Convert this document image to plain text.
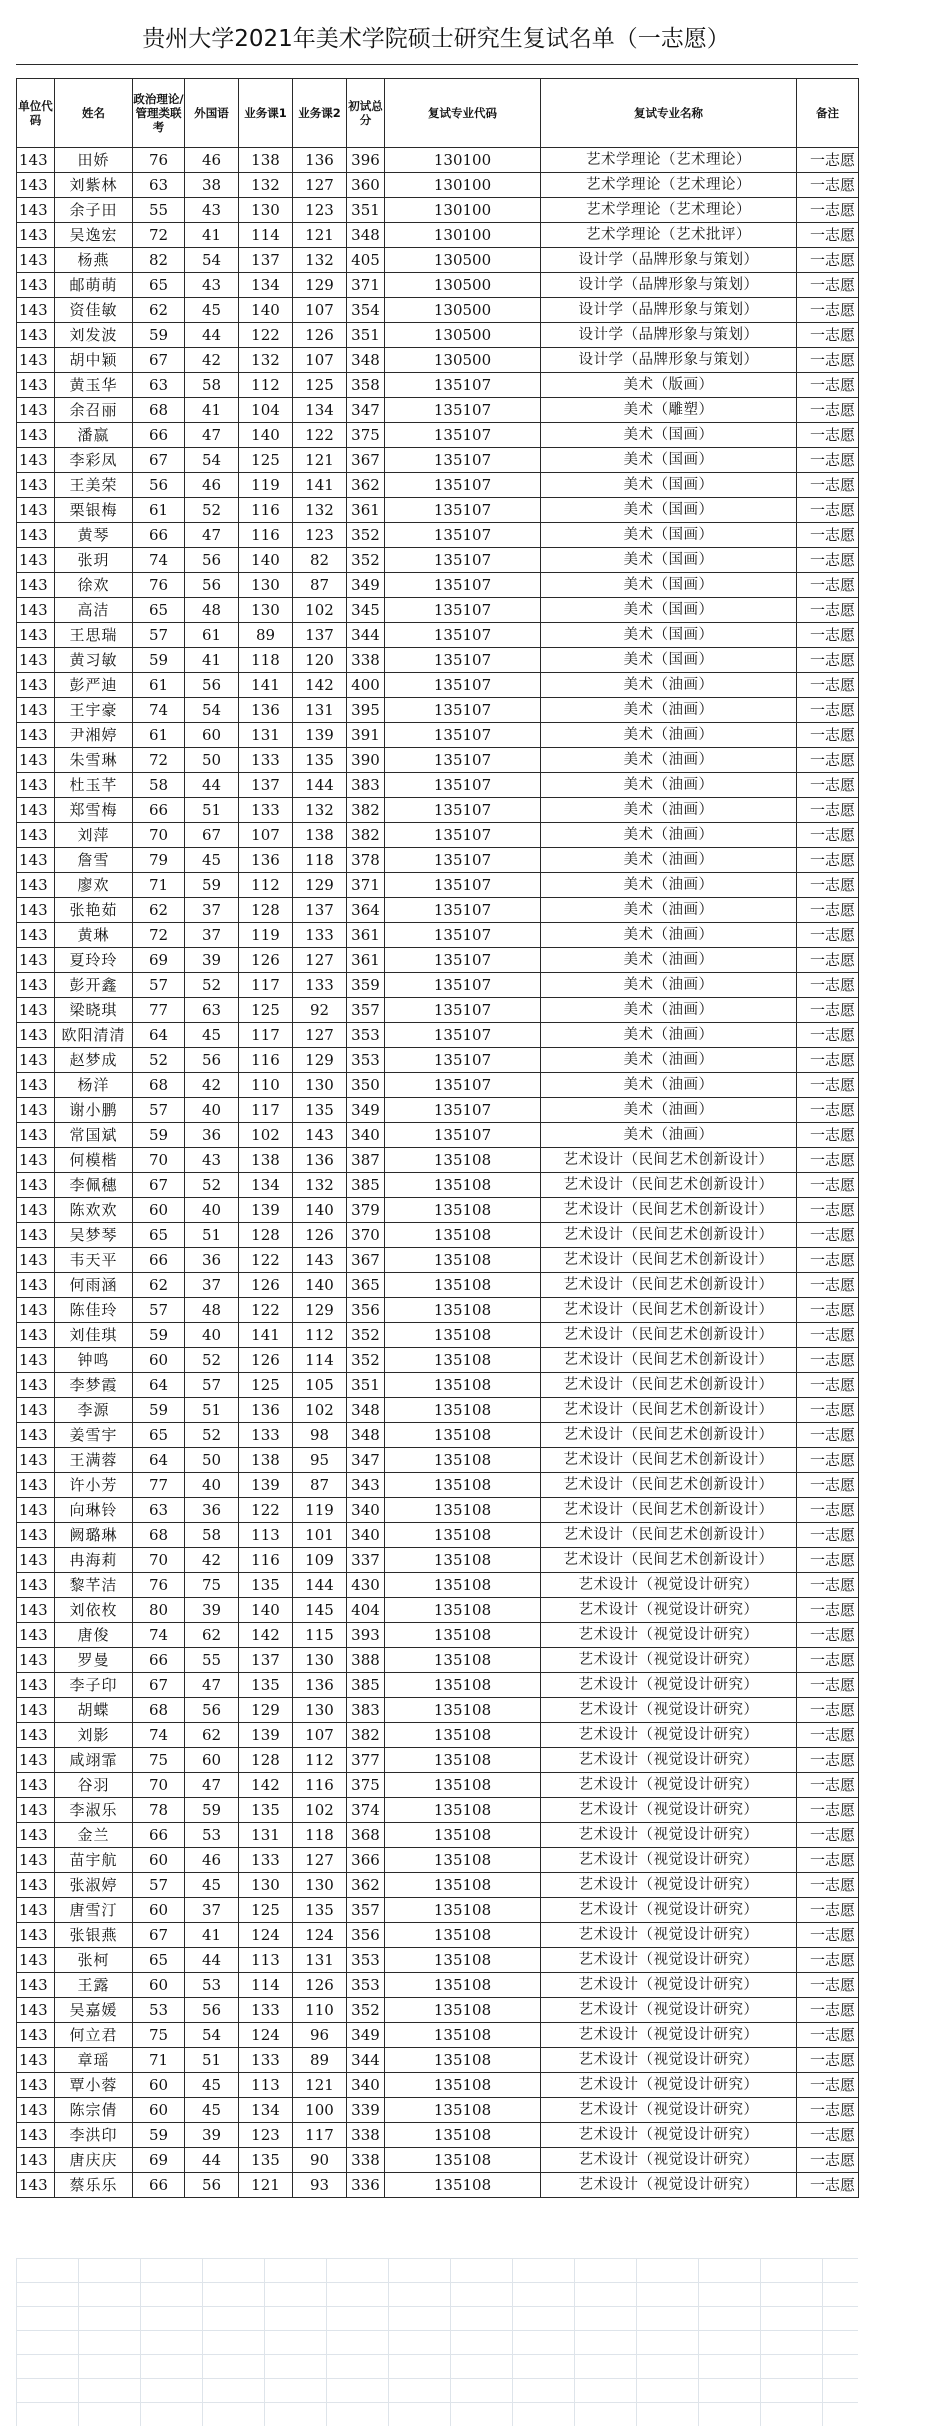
贵州大学2021年美术学院硕士研究生复试名单（一志愿）
单位代码	姓名	政治理论/管理类联考	外国语	业务课1	业务课2	初试总分	复试专业代码	复试专业名称	备注
143	田娇	76	46	138	136	396	130100	艺术学理论（艺术理论）	一志愿
143	刘紫林	63	38	132	127	360	130100	艺术学理论（艺术理论）	一志愿
143	余子田	55	43	130	123	351	130100	艺术学理论（艺术理论）	一志愿
143	吴逸宏	72	41	114	121	348	130100	艺术学理论（艺术批评）	一志愿
143	杨燕	82	54	137	132	405	130500	设计学（品牌形象与策划）	一志愿
143	邮萌萌	65	43	134	129	371	130500	设计学（品牌形象与策划）	一志愿
143	资佳敏	62	45	140	107	354	130500	设计学（品牌形象与策划）	一志愿
143	刘发波	59	44	122	126	351	130500	设计学（品牌形象与策划）	一志愿
143	胡中颖	67	42	132	107	348	130500	设计学（品牌形象与策划）	一志愿
143	黄玉华	63	58	112	125	358	135107	美术（版画）	一志愿
143	余召丽	68	41	104	134	347	135107	美术（雕塑）	一志愿
143	潘嬴	66	47	140	122	375	135107	美术（国画）	一志愿
143	李彩凤	67	54	125	121	367	135107	美术（国画）	一志愿
143	王美荣	56	46	119	141	362	135107	美术（国画）	一志愿
143	栗银梅	61	52	116	132	361	135107	美术（国画）	一志愿
143	黄琴	66	47	116	123	352	135107	美术（国画）	一志愿
143	张玥	74	56	140	82	352	135107	美术（国画）	一志愿
143	徐欢	76	56	130	87	349	135107	美术（国画）	一志愿
143	高洁	65	48	130	102	345	135107	美术（国画）	一志愿
143	王思瑞	57	61	89	137	344	135107	美术（国画）	一志愿
143	黄习敏	59	41	118	120	338	135107	美术（国画）	一志愿
143	彭严迪	61	56	141	142	400	135107	美术（油画）	一志愿
143	王宇豪	74	54	136	131	395	135107	美术（油画）	一志愿
143	尹湘婷	61	60	131	139	391	135107	美术（油画）	一志愿
143	朱雪琳	72	50	133	135	390	135107	美术（油画）	一志愿
143	杜玉芊	58	44	137	144	383	135107	美术（油画）	一志愿
143	郑雪梅	66	51	133	132	382	135107	美术（油画）	一志愿
143	刘萍	70	67	107	138	382	135107	美术（油画）	一志愿
143	詹雪	79	45	136	118	378	135107	美术（油画）	一志愿
143	廖欢	71	59	112	129	371	135107	美术（油画）	一志愿
143	张艳茹	62	37	128	137	364	135107	美术（油画）	一志愿
143	黄琳	72	37	119	133	361	135107	美术（油画）	一志愿
143	夏玲玲	69	39	126	127	361	135107	美术（油画）	一志愿
143	彭开鑫	57	52	117	133	359	135107	美术（油画）	一志愿
143	梁晓琪	77	63	125	92	357	135107	美术（油画）	一志愿
143	欧阳清清	64	45	117	127	353	135107	美术（油画）	一志愿
143	赵梦成	52	56	116	129	353	135107	美术（油画）	一志愿
143	杨洋	68	42	110	130	350	135107	美术（油画）	一志愿
143	谢小鹏	57	40	117	135	349	135107	美术（油画）	一志愿
143	常国斌	59	36	102	143	340	135107	美术（油画）	一志愿
143	何模楷	70	43	138	136	387	135108	艺术设计（民间艺术创新设计）	一志愿
143	李佩穗	67	52	134	132	385	135108	艺术设计（民间艺术创新设计）	一志愿
143	陈欢欢	60	40	139	140	379	135108	艺术设计（民间艺术创新设计）	一志愿
143	吴梦琴	65	51	128	126	370	135108	艺术设计（民间艺术创新设计）	一志愿
143	韦天平	66	36	122	143	367	135108	艺术设计（民间艺术创新设计）	一志愿
143	何雨涵	62	37	126	140	365	135108	艺术设计（民间艺术创新设计）	一志愿
143	陈佳玲	57	48	122	129	356	135108	艺术设计（民间艺术创新设计）	一志愿
143	刘佳琪	59	40	141	112	352	135108	艺术设计（民间艺术创新设计）	一志愿
143	钟鸣	60	52	126	114	352	135108	艺术设计（民间艺术创新设计）	一志愿
143	李梦霞	64	57	125	105	351	135108	艺术设计（民间艺术创新设计）	一志愿
143	李源	59	51	136	102	348	135108	艺术设计（民间艺术创新设计）	一志愿
143	姜雪宇	65	52	133	98	348	135108	艺术设计（民间艺术创新设计）	一志愿
143	王满蓉	64	50	138	95	347	135108	艺术设计（民间艺术创新设计）	一志愿
143	许小芳	77	40	139	87	343	135108	艺术设计（民间艺术创新设计）	一志愿
143	向琳铃	63	36	122	119	340	135108	艺术设计（民间艺术创新设计）	一志愿
143	阙璐琳	68	58	113	101	340	135108	艺术设计（民间艺术创新设计）	一志愿
143	冉海莉	70	42	116	109	337	135108	艺术设计（民间艺术创新设计）	一志愿
143	黎芊洁	76	75	135	144	430	135108	艺术设计（视觉设计研究）	一志愿
143	刘依枚	80	39	140	145	404	135108	艺术设计（视觉设计研究）	一志愿
143	唐俊	74	62	142	115	393	135108	艺术设计（视觉设计研究）	一志愿
143	罗曼	66	55	137	130	388	135108	艺术设计（视觉设计研究）	一志愿
143	李子印	67	47	135	136	385	135108	艺术设计（视觉设计研究）	一志愿
143	胡蝶	68	56	129	130	383	135108	艺术设计（视觉设计研究）	一志愿
143	刘影	74	62	139	107	382	135108	艺术设计（视觉设计研究）	一志愿
143	咸翊霏	75	60	128	112	377	135108	艺术设计（视觉设计研究）	一志愿
143	谷羽	70	47	142	116	375	135108	艺术设计（视觉设计研究）	一志愿
143	李淑乐	78	59	135	102	374	135108	艺术设计（视觉设计研究）	一志愿
143	金兰	66	53	131	118	368	135108	艺术设计（视觉设计研究）	一志愿
143	苗宇航	60	46	133	127	366	135108	艺术设计（视觉设计研究）	一志愿
143	张淑婷	57	45	130	130	362	135108	艺术设计（视觉设计研究）	一志愿
143	唐雪汀	60	37	125	135	357	135108	艺术设计（视觉设计研究）	一志愿
143	张银燕	67	41	124	124	356	135108	艺术设计（视觉设计研究）	一志愿
143	张柯	65	44	113	131	353	135108	艺术设计（视觉设计研究）	一志愿
143	王露	60	53	114	126	353	135108	艺术设计（视觉设计研究）	一志愿
143	吴嘉媛	53	56	133	110	352	135108	艺术设计（视觉设计研究）	一志愿
143	何立君	75	54	124	96	349	135108	艺术设计（视觉设计研究）	一志愿
143	章瑶	71	51	133	89	344	135108	艺术设计（视觉设计研究）	一志愿
143	覃小蓉	60	45	113	121	340	135108	艺术设计（视觉设计研究）	一志愿
143	陈宗倩	60	45	134	100	339	135108	艺术设计（视觉设计研究）	一志愿
143	李洪印	59	39	123	117	338	135108	艺术设计（视觉设计研究）	一志愿
143	唐庆庆	69	44	135	90	338	135108	艺术设计（视觉设计研究）	一志愿
143	蔡乐乐	66	56	121	93	336	135108	艺术设计（视觉设计研究）	一志愿
